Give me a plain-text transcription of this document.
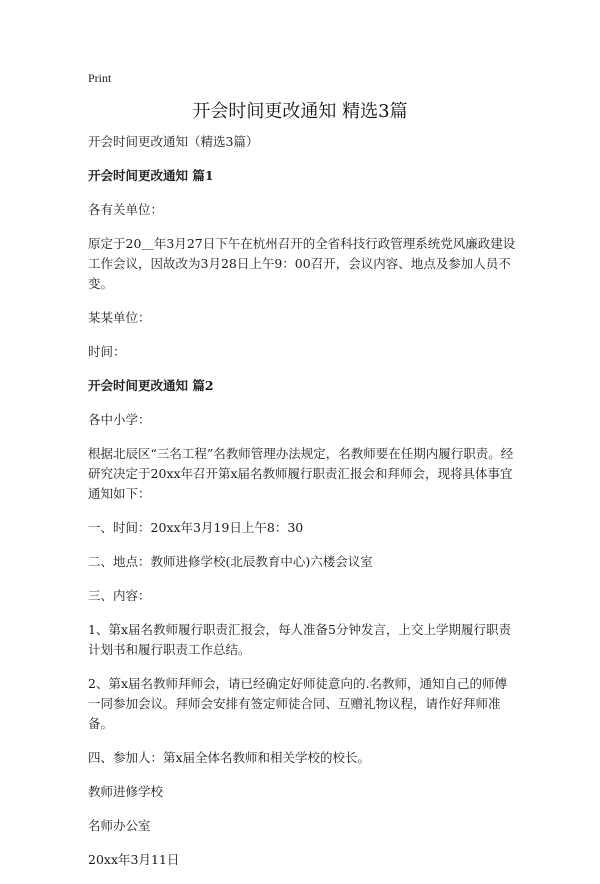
Print
开会时间更改通知 精选3篇

开会时间更改通知（精选3篇）

开会时间更改通知 篇1

各有关单位：

原定于20＿年3月27日下午在杭州召开的全省科技行政管理系统党风廉政建设工作会议，因故改为3月28日上午9：00召开，会议内容、地点及参加人员不变。

某某单位：

时间：

开会时间更改通知 篇2

各中小学：

根据北辰区“三名工程”名教师管理办法规定，名教师要在任期内履行职责。经研究决定于20xx年召开第x届名教师履行职责汇报会和拜师会，现将具体事宜通知如下：

一、时间：20xx年3月19日上午8：30

二、地点：教师进修学校(北辰教育中心)六楼会议室

三、内容：

1、第x届名教师履行职责汇报会，每人准备5分钟发言，上交上学期履行职责计划书和履行职责工作总结。

2、第x届名教师拜师会，请已经确定好师徒意向的.名教师，通知自己的师傅一同参加会议。拜师会安排有签定师徒合同、互赠礼物议程，请作好拜师准备。

四、参加人：第x届全体名教师和相关学校的校长。

教师进修学校

名师办公室

20xx年3月11日
